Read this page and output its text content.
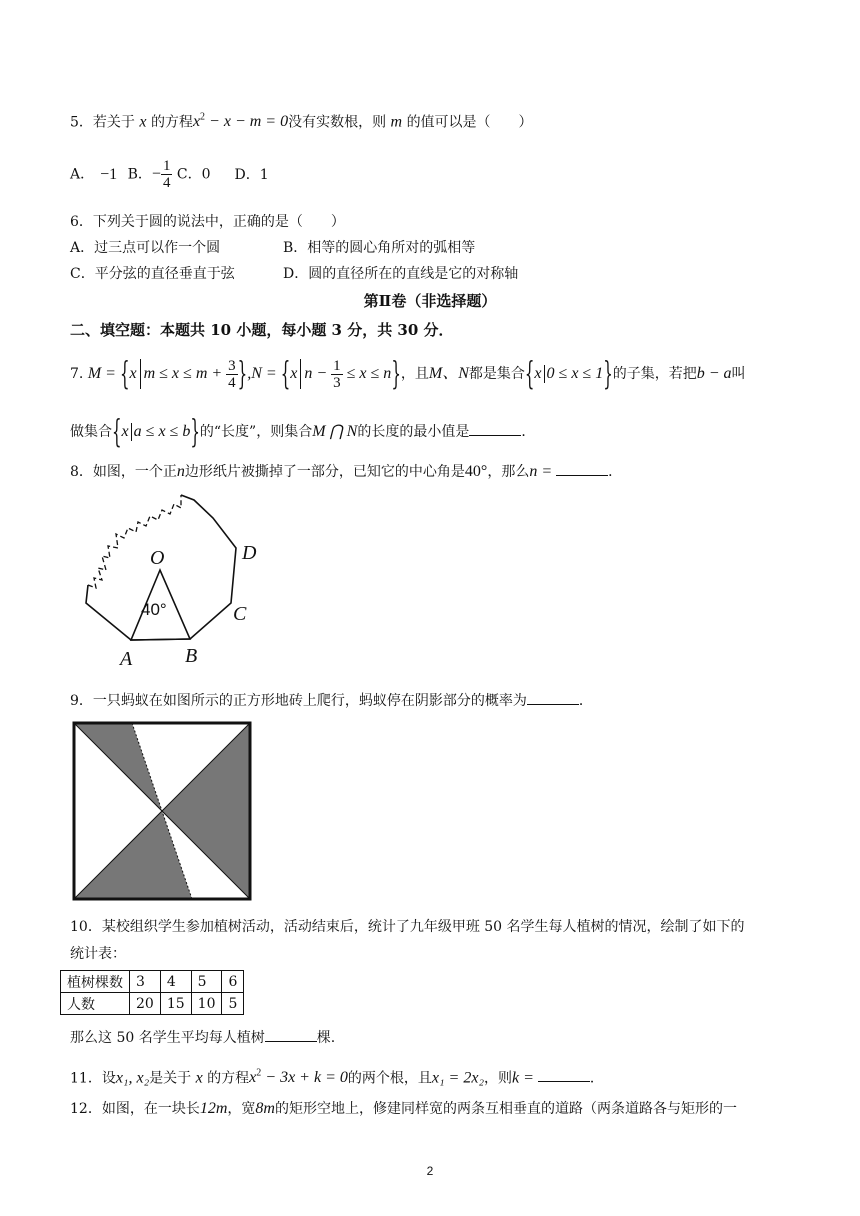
5．若关于 x 的方程$x^2 - x - m = 0$没有实数根，则 m 的值可以是（　　）
A． −1 B．− $\frac{1}{4}$ C．0　 D．1
6．下列关于圆的说法中，正确的是（　　）
A．过三点可以作一个圆	B．相等的圆心角所对的弧相等
C．平分弦的直径垂直于弦	D．圆的直径所在的直线是它的对称轴
第Ⅱ卷（非选择题）
二、填空题：本题共 10 小题，每小题 3 分，共 30 分．
7. M = {x $m \le x \le m + \frac{3}{4} \},N = \{x$ $n - \frac{1}{3} \le x \le n$}，且M、N都是集合{x 0 ≤ x ≤ 1}的子集，若把b − a叫
做集合{x a ≤ x ≤ b}的“长度”，则集合M ⋂ N的长度的最小值是	．
8．如图，一个正n边形纸片被撕掉了一部分，已知它的中心角是40°，那么n =	．
O	D
C
A	B
40°
9．一只蚂蚁在如图所示的正方形地砖上爬行，蚂蚁停在阴影部分的概率为	．
10．某校组织学生参加植树活动，活动结束后，统计了九年级甲班 50 名学生每人植树的情况，绘制了如下的
统计表：
植树棵数	3	4	5	6
人数	20	15	10	5
那么这 50 名学生平均每人植树	棵.
11．设x₁, x₂是关于 x 的方程$x^2 - 3x + k = 0$的两个根，且x₁ = 2x₂，则k =	．
12．如图，在一块长12m，宽8m的矩形空地上，修建同样宽的两条互相垂直的道路（两条道路各与矩形的一
2
